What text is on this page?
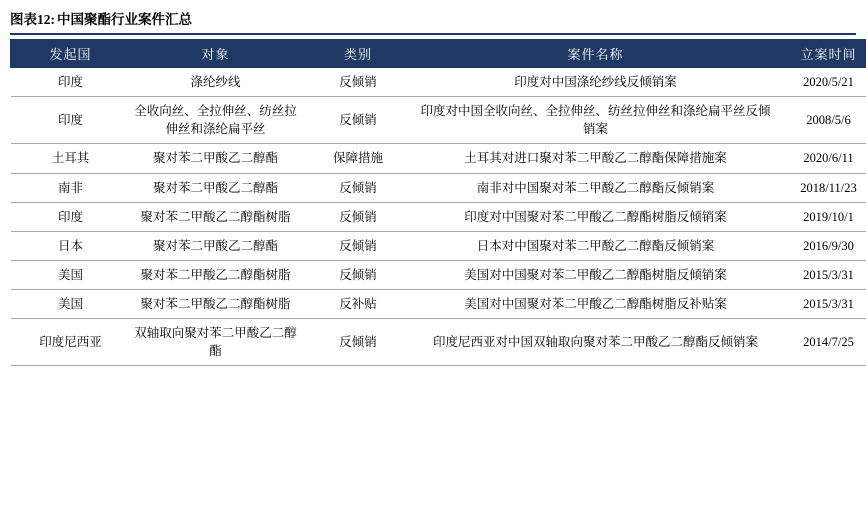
图表12: 中国聚酯行业案件汇总
发起国	对象	类别	案件名称	立案时间
印度	涤纶纱线	反倾销	印度对中国涤纶纱线反倾销案	2020/5/21
印度	全收向丝、全拉伸丝、纺丝拉伸丝和涤纶扁平丝	反倾销	印度对中国全收向丝、全拉伸丝、纺丝拉伸丝和涤纶扁平丝反倾销案	2008/5/6
土耳其	聚对苯二甲酸乙二醇酯	保障措施	土耳其对进口聚对苯二甲酸乙二醇酯保障措施案	2020/6/11
南非	聚对苯二甲酸乙二醇酯	反倾销	南非对中国聚对苯二甲酸乙二醇酯反倾销案	2018/11/23
印度	聚对苯二甲酸乙二醇酯树脂	反倾销	印度对中国聚对苯二甲酸乙二醇酯树脂反倾销案	2019/10/1
日本	聚对苯二甲酸乙二醇酯	反倾销	日本对中国聚对苯二甲酸乙二醇酯反倾销案	2016/9/30
美国	聚对苯二甲酸乙二醇酯树脂	反倾销	美国对中国聚对苯二甲酸乙二醇酯树脂反倾销案	2015/3/31
美国	聚对苯二甲酸乙二醇酯树脂	反补贴	美国对中国聚对苯二甲酸乙二醇酯树脂反补贴案	2015/3/31
印度尼西亚	双轴取向聚对苯二甲酸乙二醇酯	反倾销	印度尼西亚对中国双轴取向聚对苯二甲酸乙二醇酯反倾销案	2014/7/25
